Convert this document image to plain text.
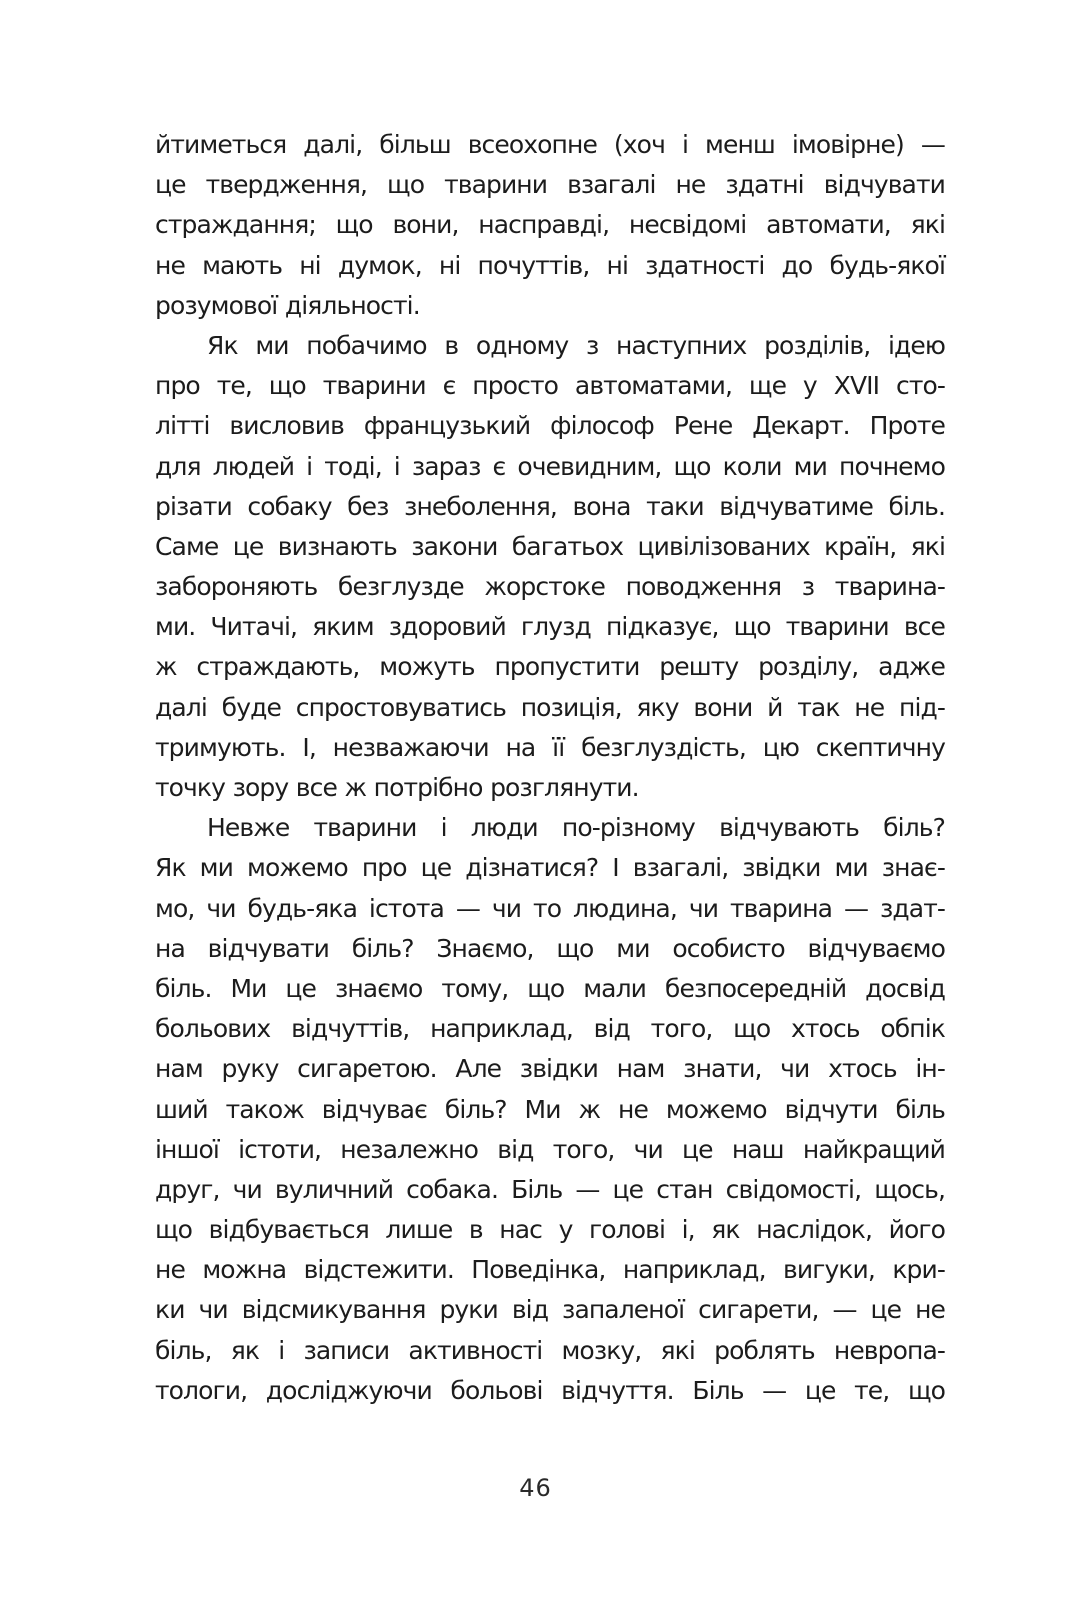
йтиметься далі, більш всеохопне (хоч і менш імовірне) —
це твердження, що тварини взагалі не здатні відчувати
страждання; що вони, насправді, несвідомі автомати, які
не мають ні думок, ні почуттів, ні здатності до будь-якої
розумової діяльності.
Як ми побачимо в одному з наступних розділів, ідею
про те, що тварини є просто автоматами, ще у XVII сто-
літті висловив французький філософ Рене Декарт. Проте
для людей і тоді, і зараз є очевидним, що коли ми почнемо
різати собаку без знеболення, вона таки відчуватиме біль.
Саме це визнають закони багатьох цивілізованих країн, які
забороняють безглузде жорстоке поводження з тварина-
ми. Читачі, яким здоровий глузд підказує, що тварини все
ж страждають, можуть пропустити решту розділу, адже
далі буде спростовуватись позиція, яку вони й так не під-
тримують. І, незважаючи на її безглуздість, цю скептичну
точку зору все ж потрібно розглянути.
Невже тварини і люди по-різному відчувають біль?
Як ми можемо про це дізнатися? І взагалі, звідки ми знає-
мо, чи будь-яка істота — чи то людина, чи тварина — здат-
на відчувати біль? Знаємо, що ми особисто відчуваємо
біль. Ми це знаємо тому, що мали безпосередній досвід
больових відчуттів, наприклад, від того, що хтось обпік
нам руку сигаретою. Але звідки нам знати, чи хтось ін-
ший також відчуває біль? Ми ж не можемо відчути біль
іншої істоти, незалежно від того, чи це наш найкращий
друг, чи вуличний собака. Біль — це стан свідомості, щось,
що відбувається лише в нас у голові і, як наслідок, його
не можна відстежити. Поведінка, наприклад, вигуки, кри-
ки чи відсмикування руки від запаленої сигарети, — це не
біль, як і записи активності мозку, які роблять невропа-
тологи, досліджуючи больові відчуття. Біль — це те, що
46
